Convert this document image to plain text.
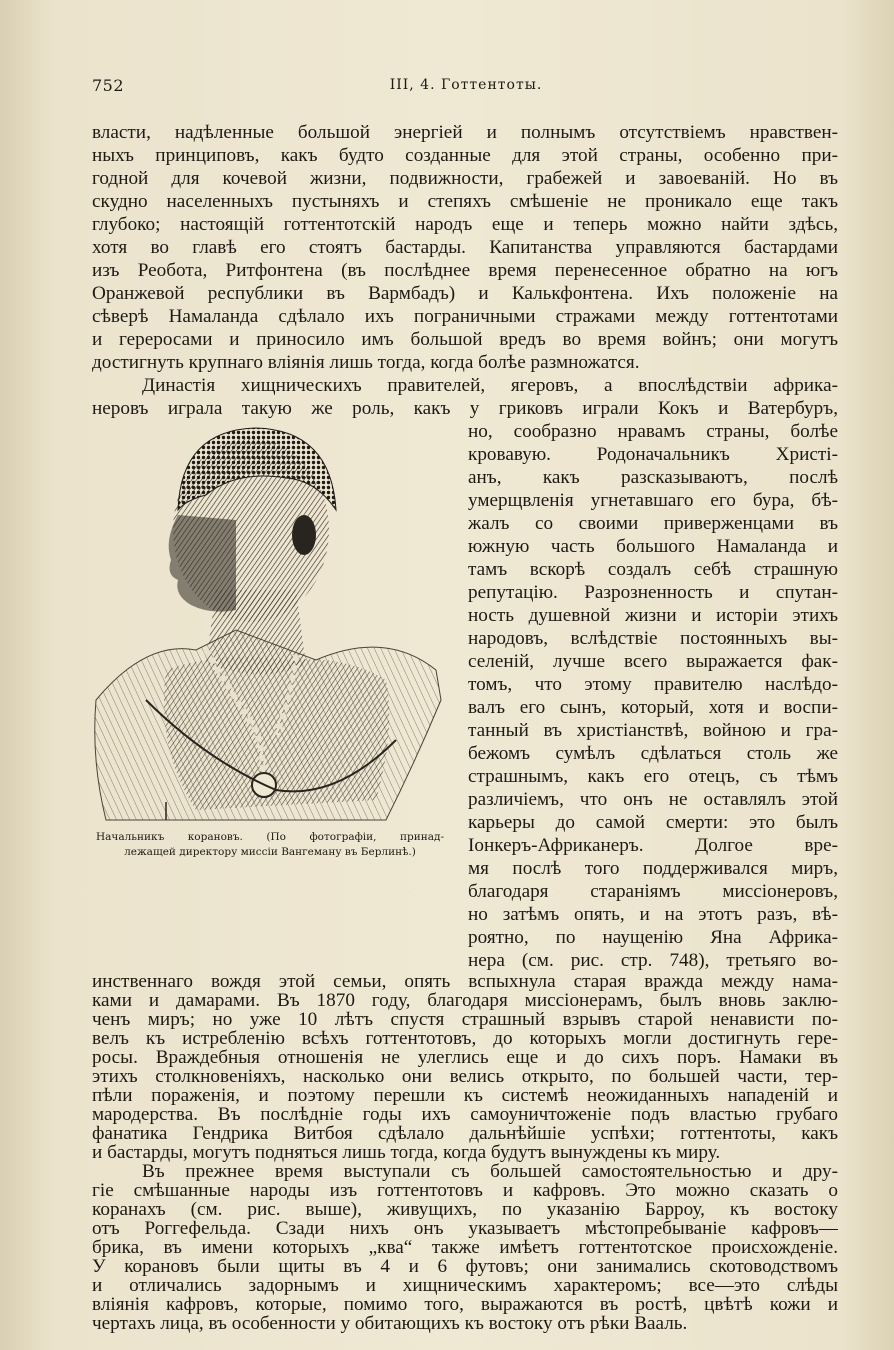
752	III, 4. Готтентоты.
власти, надѣленные большой энергіей и полнымъ отсутствіемъ нравствен-
ныхъ принциповъ, какъ будто созданные для этой страны, особенно при-
годной для кочевой жизни, подвижности, грабежей и завоеваній. Но въ
скудно населенныхъ пустыняхъ и степяхъ смѣшеніе не проникало еще такъ
глубоко; настоящій готтентотскій народъ еще и теперь можно найти здѣсь,
хотя во главѣ его стоятъ бастарды. Капитанства управляются бастардами
изъ Реобота, Ритфонтена (въ послѣднее время перенесенное обратно на югъ
Оранжевой республики въ Вармбадъ) и Калькфонтена. Ихъ положеніе на
сѣверѣ Намаланда сдѣлало ихъ пограничными стражами между готтентотами
и гереросами и приносило имъ большой вредъ во время войнъ; они могутъ
достигнуть крупнаго вліянія лишь тогда, когда болѣе размножатся.
Династія хищническихъ правителей, ягеровъ, а впослѣдствіи африка-
неровъ играла такую же роль, какъ у гриковъ играли Кокъ и Ватербуръ,
Начальникъ корановъ. (По фотографіи, принад-
лежащей директору миссіи Вангеману въ Берлинѣ.)
но, сообразно нравамъ страны, болѣе
кровавую. Родоначальникъ Христі-
анъ, какъ разсказываютъ, послѣ
умерщвленія угнетавшаго его бура, бѣ-
жалъ со своими приверженцами въ
южную часть большого Намаланда и
тамъ вскорѣ создалъ себѣ страшную
репутацію. Разрозненность и спутан-
ность душевной жизни и исторіи этихъ
народовъ, вслѣдствіе постоянныхъ вы-
селеній, лучше всего выражается фак-
томъ, что этому правителю наслѣдо-
валъ его сынъ, который, хотя и воспи-
танный въ христіанствѣ, войною и гра-
бежомъ сумѣлъ сдѣлаться столь же
страшнымъ, какъ его отецъ, съ тѣмъ
различіемъ, что онъ не оставлялъ этой
карьеры до самой смерти: это былъ
Іонкеръ-Африканеръ. Долгое вре-
мя послѣ того поддерживался миръ,
благодаря стараніямъ миссіонеровъ,
но затѣмъ опять, и на этотъ разъ, вѣ-
роятно, по наущенію Яна Африка-
нера (см. рис. стр. 748), третьяго во-
инственнаго вождя этой семьи, опять вспыхнула старая вражда между нама-
ками и дамарами. Въ 1870 году, благодаря миссіонерамъ, былъ вновь заклю-
ченъ миръ; но уже 10 лѣтъ спустя страшный взрывъ старой ненависти по-
велъ къ истребленію всѣхъ готтентотовъ, до которыхъ могли достигнуть гере-
росы. Враждебныя отношенія не улеглись еще и до сихъ поръ. Намаки въ
этихъ столкновеніяхъ, насколько они велись открыто, по большей части, тер-
пѣли пораженія, и поэтому перешли къ системѣ неожиданныхъ нападеній и
мародерства. Въ послѣдніе годы ихъ самоуничтоженіе подъ властью грубаго
фанатика Гендрика Витбоя сдѣлало дальнѣйшіе успѣхи; готтентоты, какъ
и бастарды, могутъ подняться лишь тогда, когда будутъ вынуждены къ миру.
Въ прежнее время выступали съ большей самостоятельностью и дру-
гіе смѣшанные народы изъ готтентотовъ и кафровъ. Это можно сказать о
коранахъ (см. рис. выше), живущихъ, по указанію Барроу, къ востоку
отъ Роггефельда. Сзади нихъ онъ указываетъ мѣстопребываніе кафровъ—
брика, въ имени которыхъ „ква“ также имѣетъ готтентотское происхожденіе.
У корановъ были щиты въ 4 и 6 футовъ; они занимались скотоводствомъ
и отличались задорнымъ и хищническимъ характеромъ; все—это слѣды
вліянія кафровъ, которые, помимо того, выражаются въ ростѣ, цвѣтѣ кожи и
чертахъ лица, въ особенности у обитающихъ къ востоку отъ рѣки Вааль.
